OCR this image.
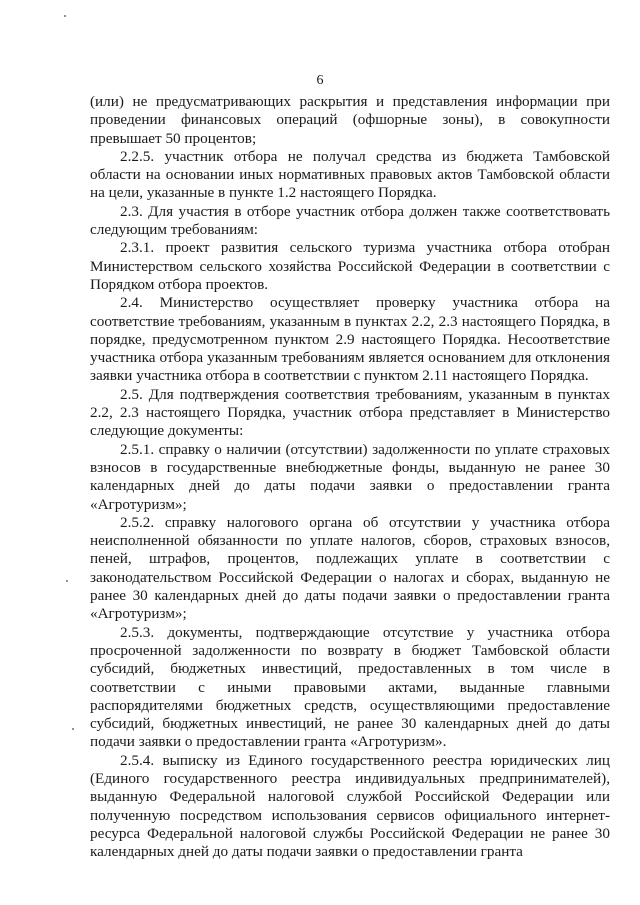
6

(или) не предусматривающих раскрытия и представления информации при проведении финансовых операций (офшорные зоны), в совокупности превышает 50 процентов;

2.2.5. участник отбора не получал средства из бюджета Тамбовской области на основании иных нормативных правовых актов Тамбовской области на цели, указанные в пункте 1.2 настоящего Порядка.

2.3. Для участия в отборе участник отбора должен также соответствовать следующим требованиям:

2.3.1. проект развития сельского туризма участника отбора отобран Министерством сельского хозяйства Российской Федерации в соответствии с Порядком отбора проектов.

2.4. Министерство осуществляет проверку участника отбора на соответствие требованиям, указанным в пунктах 2.2, 2.3 настоящего Порядка, в порядке, предусмотренном пунктом 2.9 настоящего Порядка. Несоответствие участника отбора указанным требованиям является основанием для отклонения заявки участника отбора в соответствии с пунктом 2.11 настоящего Порядка.

2.5. Для подтверждения соответствия требованиям, указанным в пунктах 2.2, 2.3 настоящего Порядка, участник отбора представляет в Министерство следующие документы:

2.5.1. справку о наличии (отсутствии) задолженности по уплате страховых взносов в государственные внебюджетные фонды, выданную не ранее 30 календарных дней до даты подачи заявки о предоставлении гранта «Агротуризм»;

2.5.2. справку налогового органа об отсутствии у участника отбора неисполненной обязанности по уплате налогов, сборов, страховых взносов, пеней, штрафов, процентов, подлежащих уплате в соответствии с законодательством Российской Федерации о налогах и сборах, выданную не ранее 30 календарных дней до даты подачи заявки о предоставлении гранта «Агротуризм»;

2.5.3. документы, подтверждающие отсутствие у участника отбора просроченной задолженности по возврату в бюджет Тамбовской области субсидий, бюджетных инвестиций, предоставленных в том числе в соответствии с иными правовыми актами, выданные главными распорядителями бюджетных средств, осуществляющими предоставление субсидий, бюджетных инвестиций, не ранее 30 календарных дней до даты подачи заявки о предоставлении гранта «Агротуризм».

2.5.4. выписку из Единого государственного реестра юридических лиц (Единого государственного реестра индивидуальных предпринимателей), выданную Федеральной налоговой службой Российской Федерации или полученную посредством использования сервисов официального интернет-ресурса Федеральной налоговой службы Российской Федерации не ранее 30 календарных дней до даты подачи заявки о предоставлении гранта
